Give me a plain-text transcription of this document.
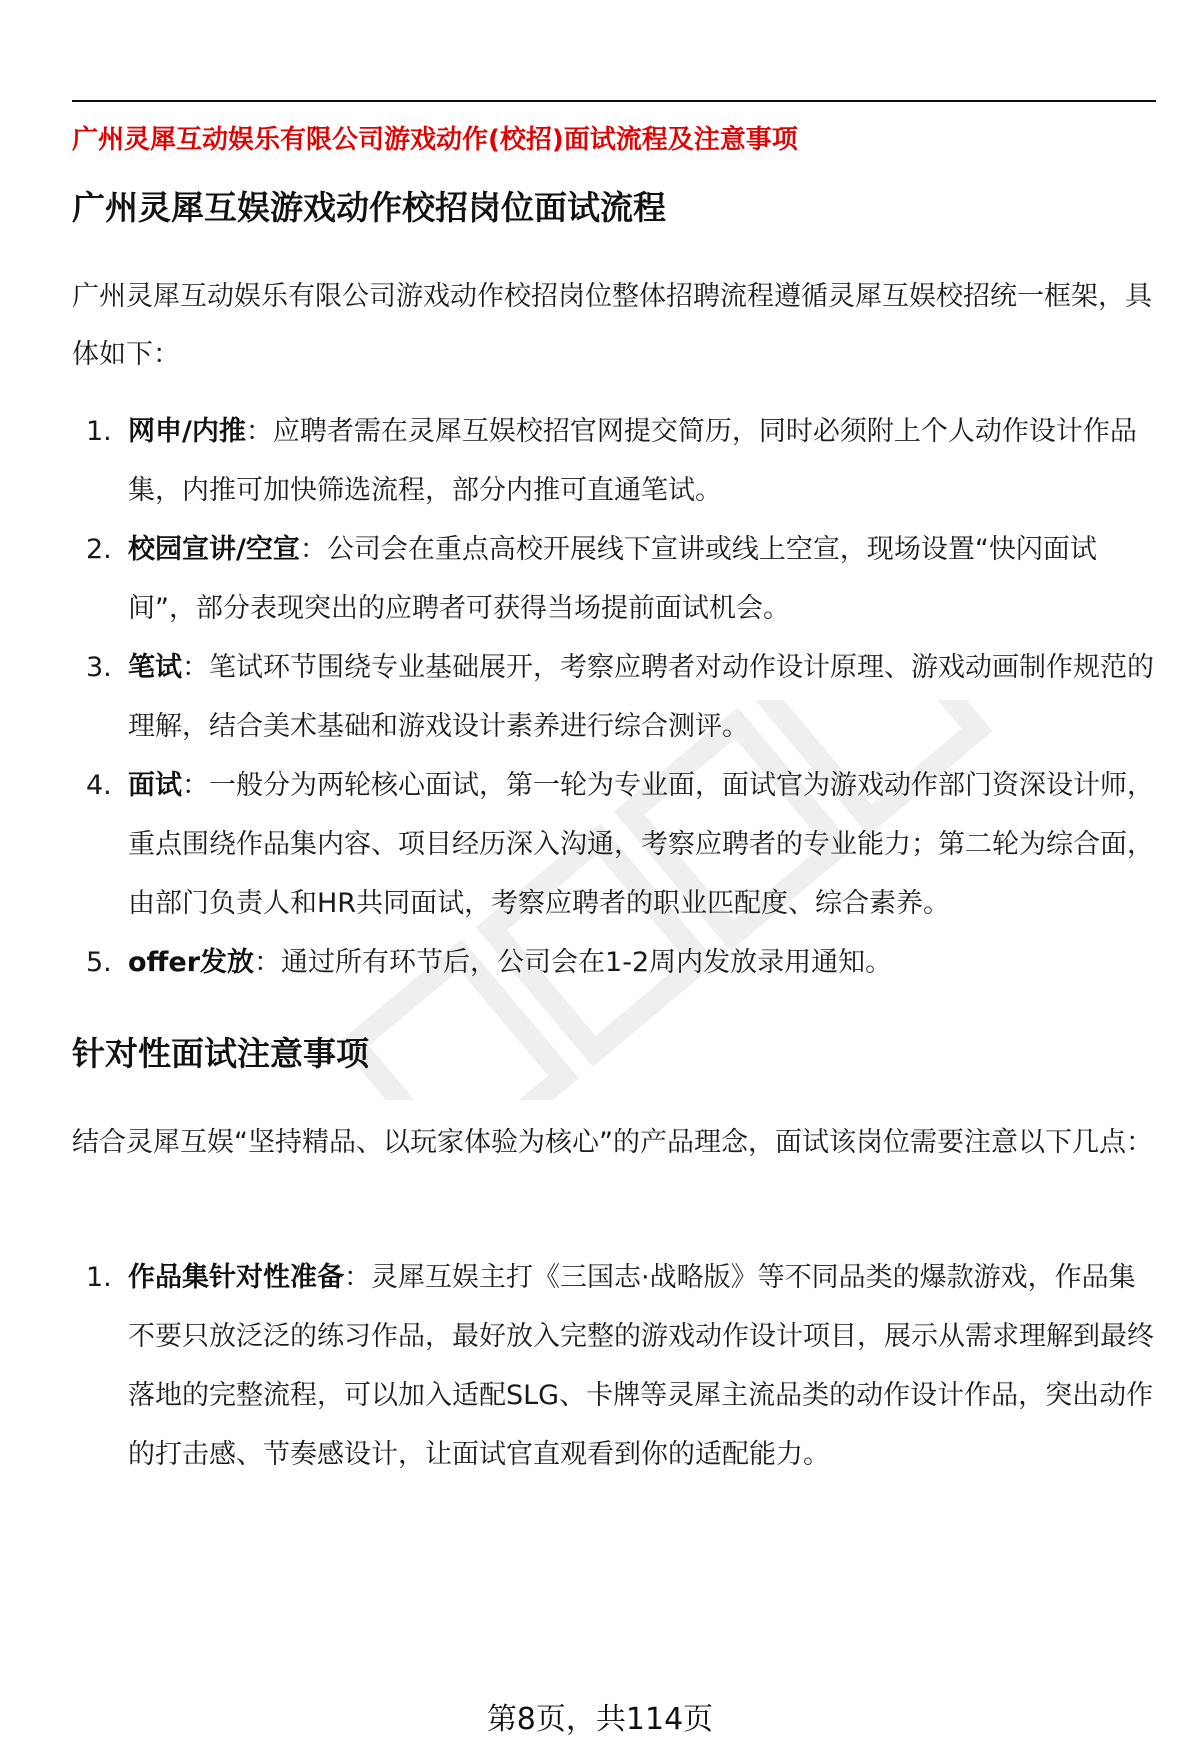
广州灵犀互动娱乐有限公司游戏动作(校招)面试流程及注意事项
广州灵犀互娱游戏动作校招岗位面试流程

广州灵犀互动娱乐有限公司游戏动作校招岗位整体招聘流程遵循灵犀互娱校招统一框架，具体如下：

1. 网申/内推：应聘者需在灵犀互娱校招官网提交简历，同时必须附上个人动作设计作品集，内推可加快筛选流程，部分内推可直通笔试。
2. 校园宣讲/空宣：公司会在重点高校开展线下宣讲或线上空宣，现场设置“快闪面试间”，部分表现突出的应聘者可获得当场提前面试机会。
3. 笔试：笔试环节围绕专业基础展开，考察应聘者对动作设计原理、游戏动画制作规范的理解，结合美术基础和游戏设计素养进行综合测评。
4. 面试：一般分为两轮核心面试，第一轮为专业面，面试官为游戏动作部门资深设计师，重点围绕作品集内容、项目经历深入沟通，考察应聘者的专业能力；第二轮为综合面，由部门负责人和HR共同面试，考察应聘者的职业匹配度、综合素养。
5. offer发放：通过所有环节后，公司会在1-2周内发放录用通知。
针对性面试注意事项

结合灵犀互娱“坚持精品、以玩家体验为核心”的产品理念，面试该岗位需要注意以下几点：

1. 作品集针对性准备：灵犀互娱主打《三国志·战略版》等不同品类的爆款游戏，作品集不要只放泛泛的练习作品，最好放入完整的游戏动作设计项目，展示从需求理解到最终落地的完整流程，可以加入适配SLG、卡牌等灵犀主流品类的动作设计作品，突出动作的打击感、节奏感设计，让面试官直观看到你的适配能力。
第8页，共114页
